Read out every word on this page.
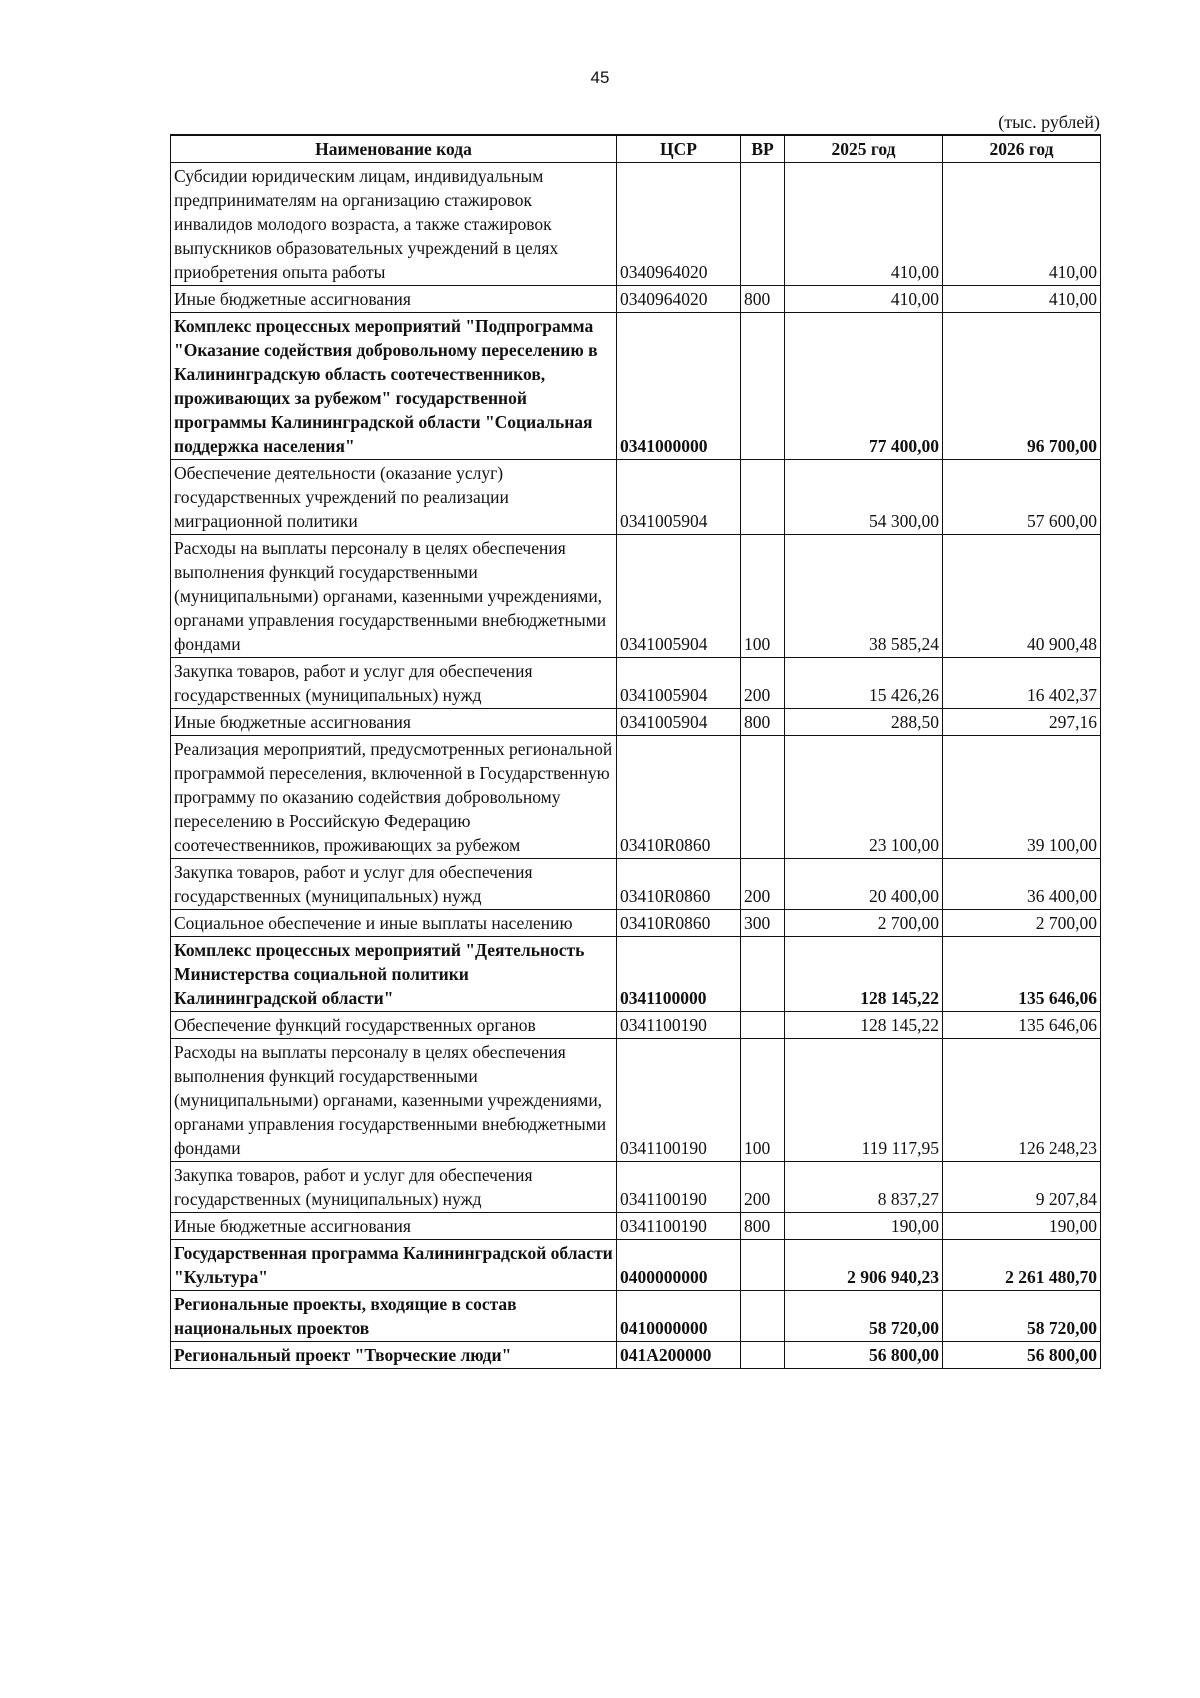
45
(тыс. рублей)
Наименование кода	ЦСР	ВР	2025 год	2026 год
Субсидии юридическим лицам, индивидуальным предпринимателям на организацию стажировок инвалидов молодого возраста, а также стажировок выпускников образовательных учреждений в целях приобретения опыта работы	0340964020		410,00	410,00
Иные бюджетные ассигнования	0340964020	800	410,00	410,00
Комплекс процессных мероприятий "Подпрограмма "Оказание содействия добровольному переселению в Калининградскую область соотечественников, проживающих за рубежом" государственной программы Калининградской области "Социальная поддержка населения"	0341000000		77 400,00	96 700,00
Обеспечение деятельности (оказание услуг) государственных учреждений по реализации миграционной политики	0341005904		54 300,00	57 600,00
Расходы на выплаты персоналу в целях обеспечения выполнения функций государственными (муниципальными) органами, казенными учреждениями, органами управления государственными внебюджетными фондами	0341005904	100	38 585,24	40 900,48
Закупка товаров, работ и услуг для обеспечения государственных (муниципальных) нужд	0341005904	200	15 426,26	16 402,37
Иные бюджетные ассигнования	0341005904	800	288,50	297,16
Реализация мероприятий, предусмотренных региональной программой переселения, включенной в Государственную программу по оказанию содействия добровольному переселению в Российскую Федерацию соотечественников, проживающих за рубежом	03410R0860		23 100,00	39 100,00
Закупка товаров, работ и услуг для обеспечения государственных (муниципальных) нужд	03410R0860	200	20 400,00	36 400,00
Социальное обеспечение и иные выплаты населению	03410R0860	300	2 700,00	2 700,00
Комплекс процессных мероприятий "Деятельность Министерства социальной политики Калининградской области"	0341100000		128 145,22	135 646,06
Обеспечение функций государственных органов	0341100190		128 145,22	135 646,06
Расходы на выплаты персоналу в целях обеспечения выполнения функций государственными (муниципальными) органами, казенными учреждениями, органами управления государственными внебюджетными фондами	0341100190	100	119 117,95	126 248,23
Закупка товаров, работ и услуг для обеспечения государственных (муниципальных) нужд	0341100190	200	8 837,27	9 207,84
Иные бюджетные ассигнования	0341100190	800	190,00	190,00
Государственная программа Калининградской области "Культура"	0400000000		2 906 940,23	2 261 480,70
Региональные проекты, входящие в состав национальных проектов	0410000000		58 720,00	58 720,00
Региональный проект "Творческие люди"	041А200000		56 800,00	56 800,00
